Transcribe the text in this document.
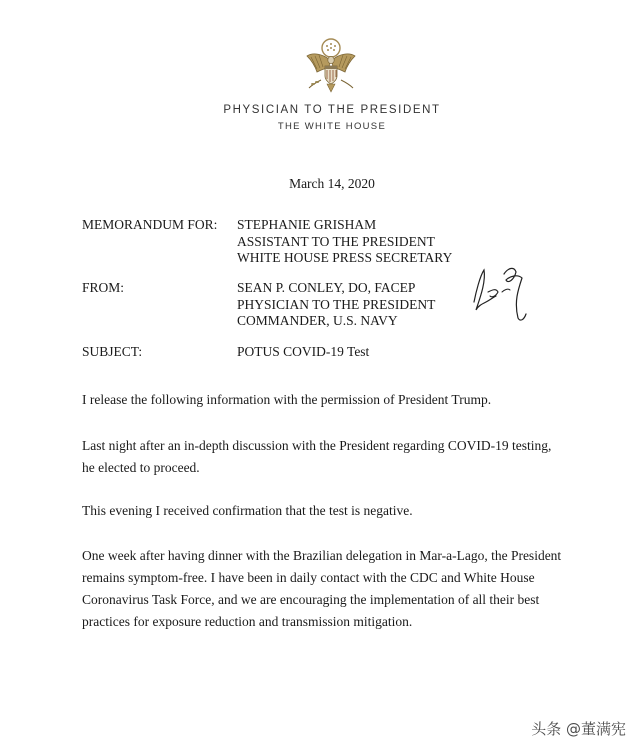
PHYSICIAN TO THE PRESIDENT
THE WHITE HOUSE
March 14, 2020
MEMORANDUM FOR: STEPHANIE GRISHAM
ASSISTANT TO THE PRESIDENT
WHITE HOUSE PRESS SECRETARY
FROM:	SEAN P. CONLEY, DO, FACEP
PHYSICIAN TO THE PRESIDENT
COMMANDER, U.S. NAVY
SUBJECT:	POTUS COVID-19 Test
I release the following information with the permission of President Trump.
Last night after an in-depth discussion with the President regarding COVID-19 testing, he elected to proceed.
This evening I received confirmation that the test is negative.
One week after having dinner with the Brazilian delegation in Mar-a-Lago, the President remains symptom-free. I have been in daily contact with the CDC and White House Coronavirus Task Force, and we are encouraging the implementation of all their best practices for exposure reduction and transmission mitigation.
头条 @董满宪
